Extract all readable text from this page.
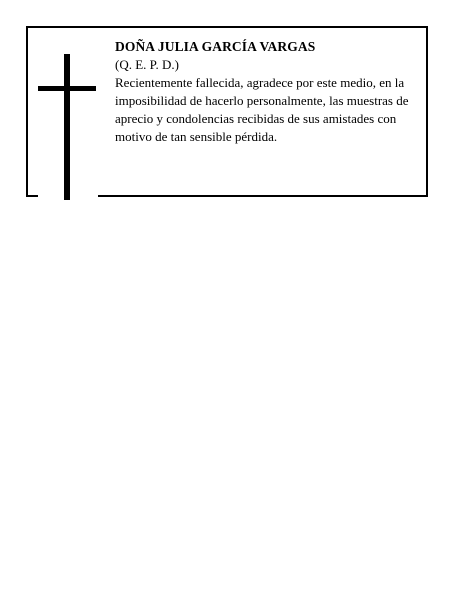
DOÑA JULIA GARCÍA VARGAS

(Q. E. P. D.)

Recientemente fallecida, agradece por este medio, en la imposibilidad de hacerlo personalmente, las muestras de aprecio y condolencias recibidas de sus amistades con motivo de tan sensible pérdida.
